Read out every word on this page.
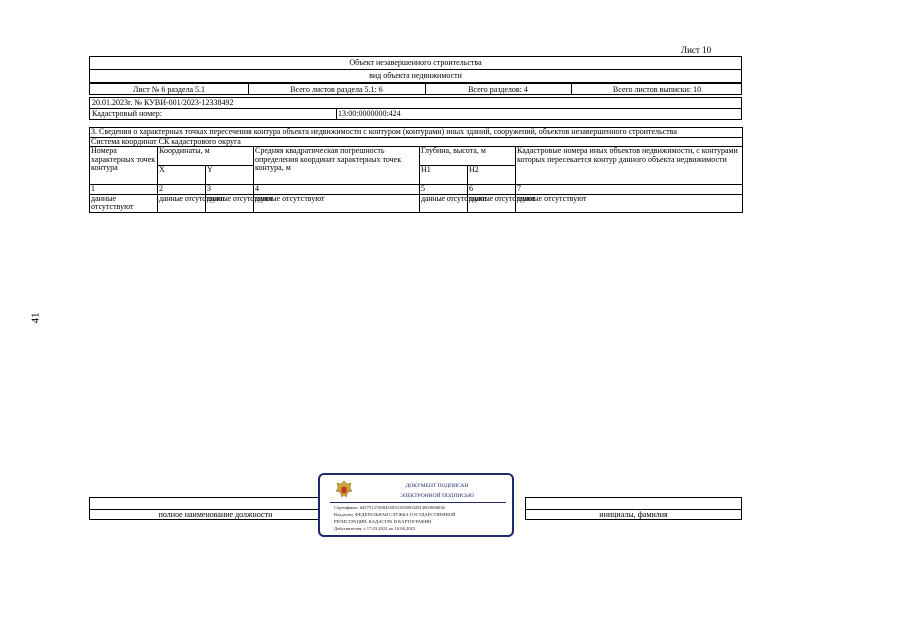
Лист 10
41
Объект незавершенного строительства
вид объекта недвижимости
Лист № 6 раздела 5.1	Всего листов раздела 5.1: 6	Всего разделов: 4	Всего листов выписки: 10
20.01.2023г. № КУВИ-001/2023-12338492
Кадастровый номер:	13:00:0000000:424
3. Сведения о характерных точках пересечения контура объекта недвижимости с контуром (контурами) иных зданий, сооружений, объектов незавершенного строительства						
Система координат СК кадастрового округа						
Номера характерных точек контура	Координаты, м		Средняя квадратическая погрешность определения координат характерных точек контура, м	Глубина, высота, м		Кадастровые номера иных объектов недвижимости, с контурами которых пересекается контур данного объекта недвижимости
	X	Y		H1	H2	
1	2	3	4	5	6	7
данные отсутствуют	данные отсутствуют	данные отсутствуют	данные отсутствуют	данные отсутствуют	данные отсутствуют	данные отсутствуют
полное наименование должности	инициалы, фамилия
ДОКУМЕНТ ПОДПИСАН
ЭЛЕКТРОННОЙ ПОДПИСЬЮ
Сертификат: 6457512740045583310920032813803698636
Владелец: ФЕДЕРАЛЬНАЯ СЛУЖБА ГОСУДАРСТВЕННОЙ
РЕГИСТРАЦИИ, КАДАСТРА И КАРТОГРАФИИ
Действителен: с 17.03.2022 по 10.06.2023
